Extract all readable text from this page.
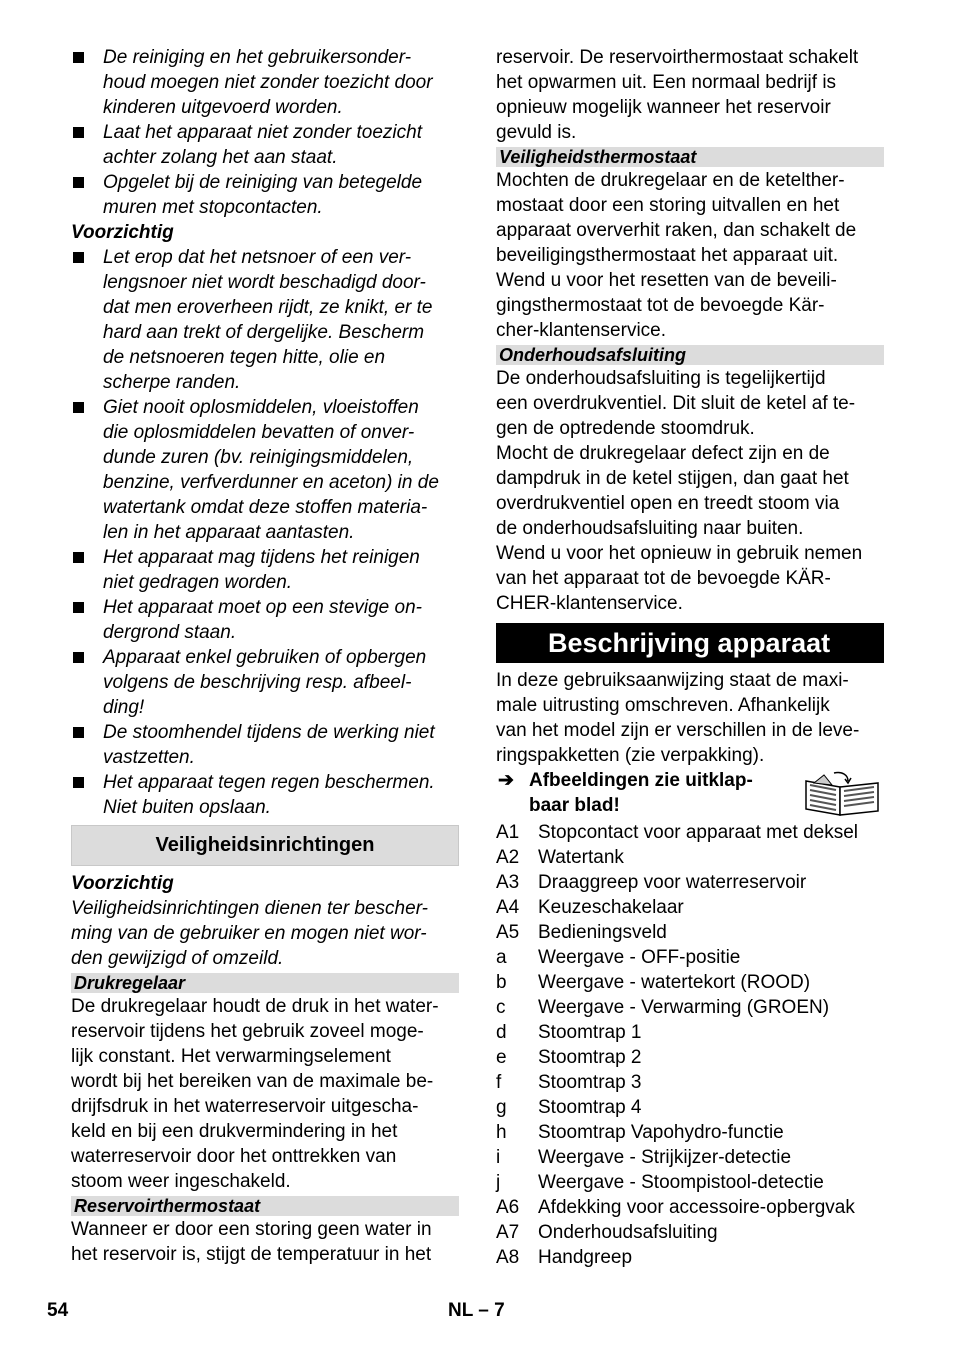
De reiniging en het gebruikersonder-
houd moegen niet zonder toezicht door
kinderen uitgevoerd worden.
Laat het apparaat niet zonder toezicht
achter zolang het aan staat.
Opgelet bij de reiniging van betegelde
muren met stopcontacten.
Voorzichtig
Let erop dat het netsnoer of een ver-
lengsnoer niet wordt beschadigd door-
dat men eroverheen rijdt, ze knikt, er te
hard aan trekt of dergelijke. Bescherm
de netsnoeren tegen hitte, olie en
scherpe randen.
Giet nooit oplosmiddelen, vloeistoffen
die oplosmiddelen bevatten of onver-
dunde zuren (bv. reinigingsmiddelen,
benzine, verfverdunner en aceton) in de
watertank omdat deze stoffen materia-
len in het apparaat aantasten.
Het apparaat mag tijdens het reinigen
niet gedragen worden.
Het apparaat moet op een stevige on-
dergrond staan.
Apparaat enkel gebruiken of opbergen
volgens de beschrijving resp. afbeel-
ding!
De stoomhendel tijdens de werking niet
vastzetten.
Het apparaat tegen regen beschermen.
Niet buiten opslaan.
Veiligheidsinrichtingen
Voorzichtig
Veiligheidsinrichtingen dienen ter bescher-
ming van de gebruiker en mogen niet wor-
den gewijzigd of omzeild.
Drukregelaar
De drukregelaar houdt de druk in het water-
reservoir tijdens het gebruik zoveel moge-
lijk constant. Het verwarmingselement
wordt bij het bereiken van de maximale be-
drijfsdruk in het waterreservoir uitgescha-
keld en bij een drukvermindering in het
waterreservoir door het onttrekken van
stoom weer ingeschakeld.
Reservoirthermostaat
Wanneer er door een storing geen water in
het reservoir is, stijgt de temperatuur in het
reservoir. De reservoirthermostaat schakelt
het opwarmen uit. Een normaal bedrijf is
opnieuw mogelijk wanneer het reservoir
gevuld is.
Veiligheidsthermostaat
Mochten de drukregelaar en de ketelther-
mostaat door een storing uitvallen en het
apparaat oververhit raken, dan schakelt de
beveiligingsthermostaat het apparaat uit.
Wend u voor het resetten van de beveili-
gingsthermostaat tot de bevoegde Kär-
cher-klantenservice.
Onderhoudsafsluiting
De onderhoudsafsluiting is tegelijkertijd
een overdrukventiel. Dit sluit de ketel af te-
gen de optredende stoomdruk.
Mocht de drukregelaar defect zijn en de
dampdruk in de ketel stijgen, dan gaat het
overdrukventiel open en treedt stoom via
de onderhoudsafsluiting naar buiten.
Wend u voor het opnieuw in gebruik nemen
van het apparaat tot de bevoegde KÄR-
CHER-klantenservice.
Beschrijving apparaat
In deze gebruiksaanwijzing staat de maxi-
male uitrusting omschreven. Afhankelijk
van het model zijn er verschillen in de leve-
ringspakketten (zie verpakking).
➔ Afbeeldingen zie uitklap-
baar blad!
A1 Stopcontact voor apparaat met deksel
A2 Watertank
A3 Draaggreep voor waterreservoir
A4 Keuzeschakelaar
A5 Bedieningsveld
a	Weergave - OFF-positie
b	Weergave - watertekort (ROOD)
c	Weergave - Verwarming (GROEN)
d	Stoomtrap 1
e	Stoomtrap 2
f	Stoomtrap 3
g	Stoomtrap 4
h	Stoomtrap Vapohydro-functie
i	Weergave - Strijkijzer-detectie
j	Weergave - Stoompistool-detectie
A6 Afdekking voor accessoire-opbergvak
A7 Onderhoudsafsluiting
A8 Handgreep
54	NL – 7
